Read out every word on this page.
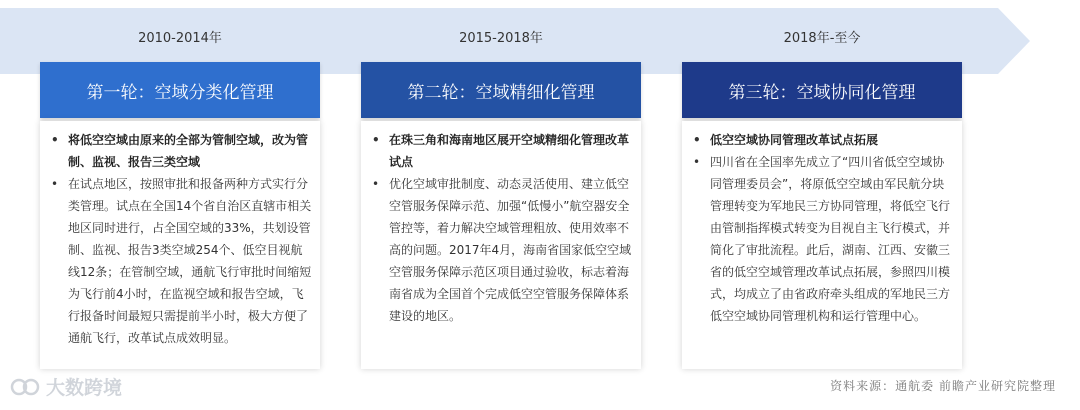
2010-2014年	2015-2018年	2018年-至今
第一轮：空域分类化管理	第二轮：空域精细化管理	第三轮：空域协同化管理
• 将低空空域由原来的全部为管制空域，改为管制、监视、报告三类空域
• 在试点地区，按照审批和报备两种方式实行分类管理。试点在全国14个省自治区直辖市相关地区同时进行，占全国空域的33%，共划设管制、监视、报告3类空域254个、低空目视航线12条；在管制空域，通航飞行审批时间缩短为飞行前4小时，在监视空域和报告空域，飞行报备时间最短只需提前半小时，极大方便了通航飞行，改革试点成效明显。
• 在珠三角和海南地区展开空域精细化管理改革试点
• 优化空域审批制度、动态灵活使用、建立低空空管服务保障示范、加强“低慢小”航空器安全管控等，着力解决空域管理粗放、使用效率不高的问题。2017年4月，海南省国家低空空域空管服务保障示范区项目通过验收，标志着海南省成为全国首个完成低空空管服务保障体系建设的地区。
• 低空空域协同管理改革试点拓展
• 四川省在全国率先成立了“四川省低空空域协同管理委员会”，将原低空空域由军民航分块管理转变为军地民三方协同管理，将低空飞行由管制指挥模式转变为目视自主飞行模式，并简化了审批流程。此后，湖南、江西、安徽三省的低空空域管理改革试点拓展，参照四川模式，均成立了由省政府牵头组成的军地民三方低空空域协同管理机构和运行管理中心。
大数跨境	资料来源：通航委 前瞻产业研究院整理
